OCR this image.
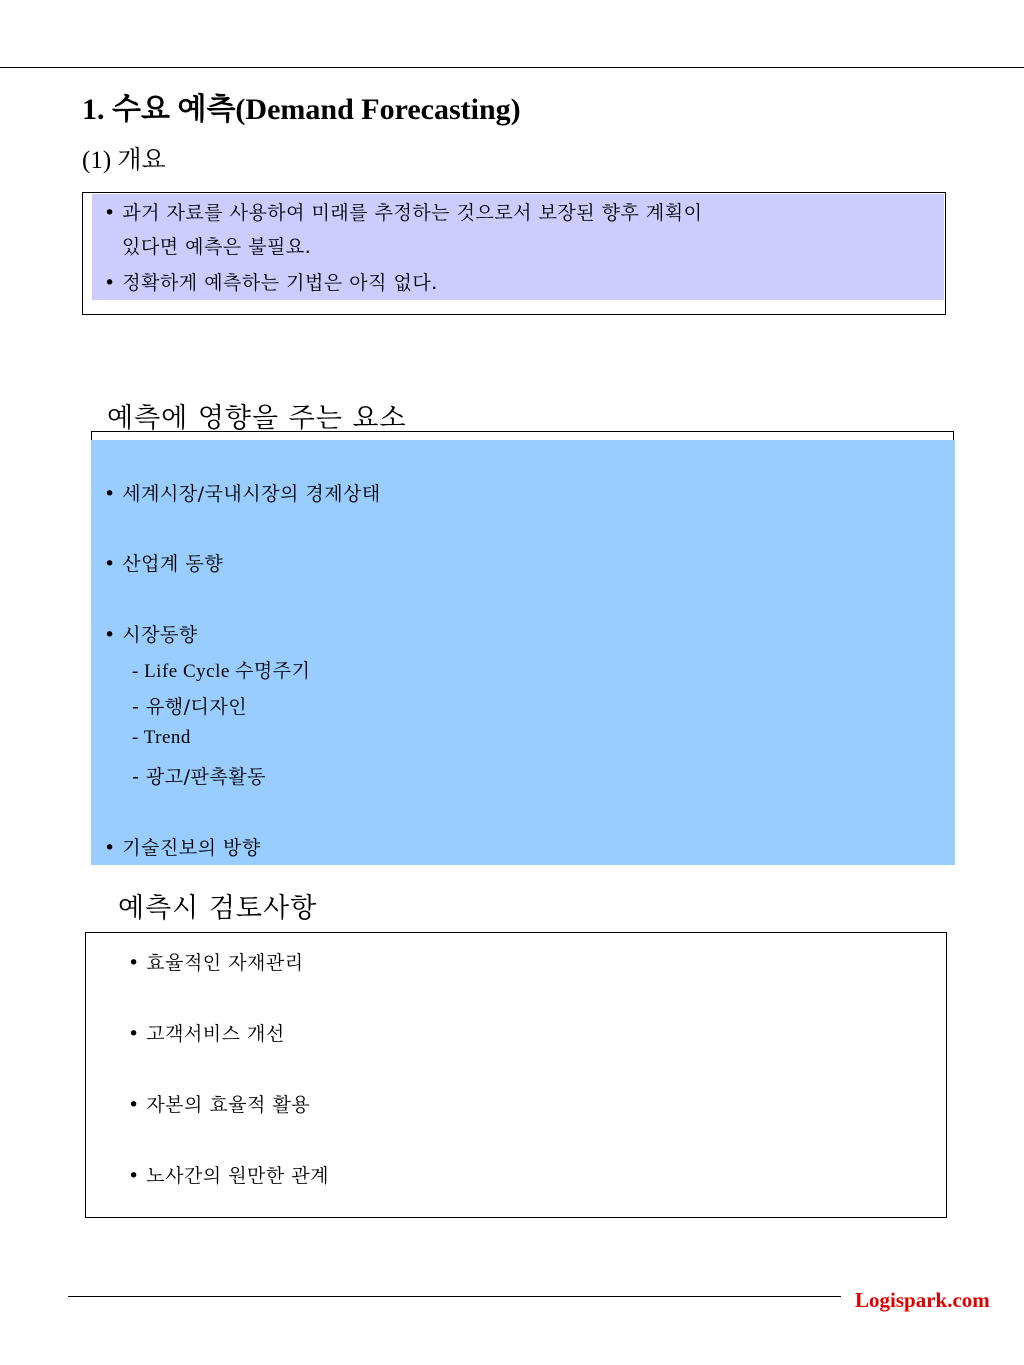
1. 수요 예측(Demand Forecasting)
(1) 개요
• 과거 자료를 사용하여 미래를 추정하는 것으로서 보장된 향후 계획이
있다면 예측은 불필요.
• 정확하게 예측하는 기법은 아직 없다.
예측에 영향을 주는 요소
• 세계시장/국내시장의 경제상태
• 산업계 동향
• 시장동향
- Life Cycle 수명주기
- 유행/디자인
- Trend
- 광고/판촉활동
• 기술진보의 방향
예측시 검토사항
• 효율적인 자재관리
• 고객서비스 개선
• 자본의 효율적 활용
• 노사간의 원만한 관계
Logispark.com
